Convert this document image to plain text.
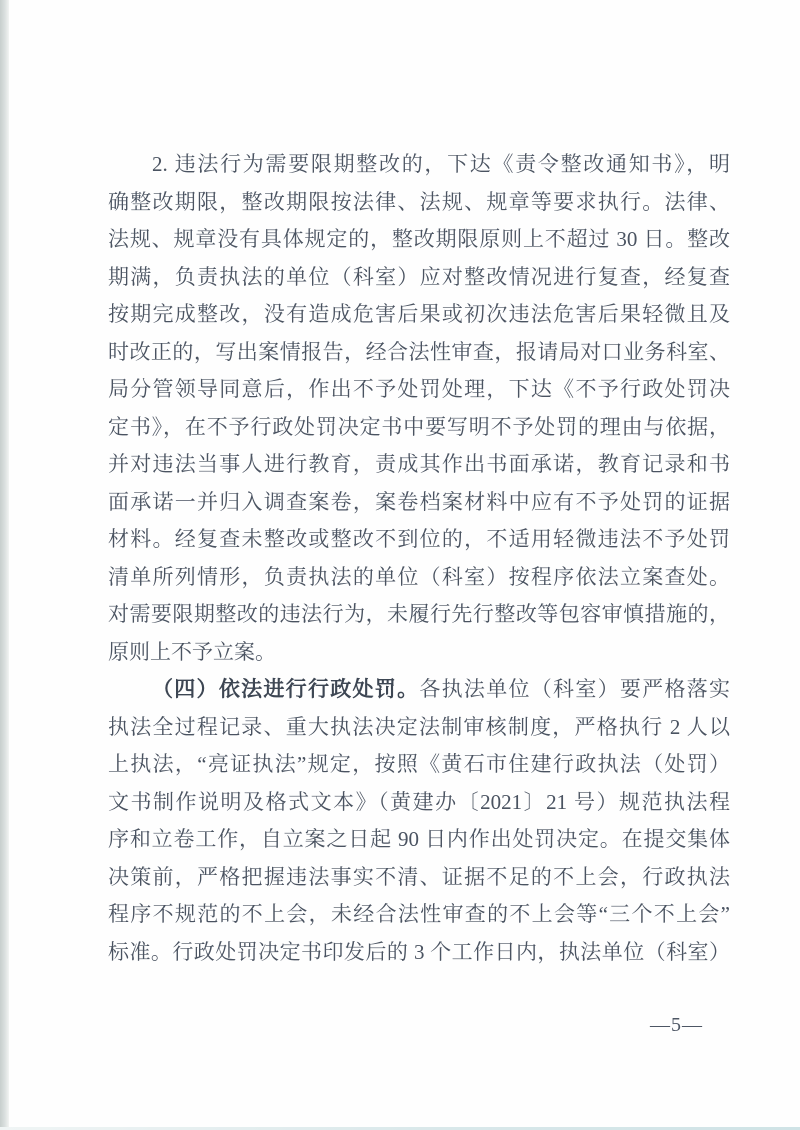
2. 违法行为需要限期整改的，下达《责令整改通知书》，明

确整改期限，整改期限按法律、法规、规章等要求执行。法律、

法规、规章没有具体规定的，整改期限原则上不超过 30 日。整改

期满，负责执法的单位（科室）应对整改情况进行复查，经复查

按期完成整改，没有造成危害后果或初次违法危害后果轻微且及

时改正的，写出案情报告，经合法性审查，报请局对口业务科室、

局分管领导同意后，作出不予处罚处理，下达《不予行政处罚决

定书》，在不予行政处罚决定书中要写明不予处罚的理由与依据，

并对违法当事人进行教育，责成其作出书面承诺，教育记录和书

面承诺一并归入调查案卷，案卷档案材料中应有不予处罚的证据

材料。经复查未整改或整改不到位的，不适用轻微违法不予处罚

清单所列情形，负责执法的单位（科室）按程序依法立案查处。

对需要限期整改的违法行为，未履行先行整改等包容审慎措施的，

原则上不予立案。

（四）依法进行行政处罚。各执法单位（科室）要严格落实

执法全过程记录、重大执法决定法制审核制度，严格执行 2 人以

上执法，“亮证执法”规定，按照《黄石市住建行政执法（处罚）

文书制作说明及格式文本》（黄建办〔2021〕21 号）规范执法程

序和立卷工作，自立案之日起 90 日内作出处罚决定。在提交集体

决策前，严格把握违法事实不清、证据不足的不上会，行政执法

程序不规范的不上会，未经合法性审查的不上会等“三个不上会”

标准。行政处罚决定书印发后的 3 个工作日内，执法单位（科室）

—5—
